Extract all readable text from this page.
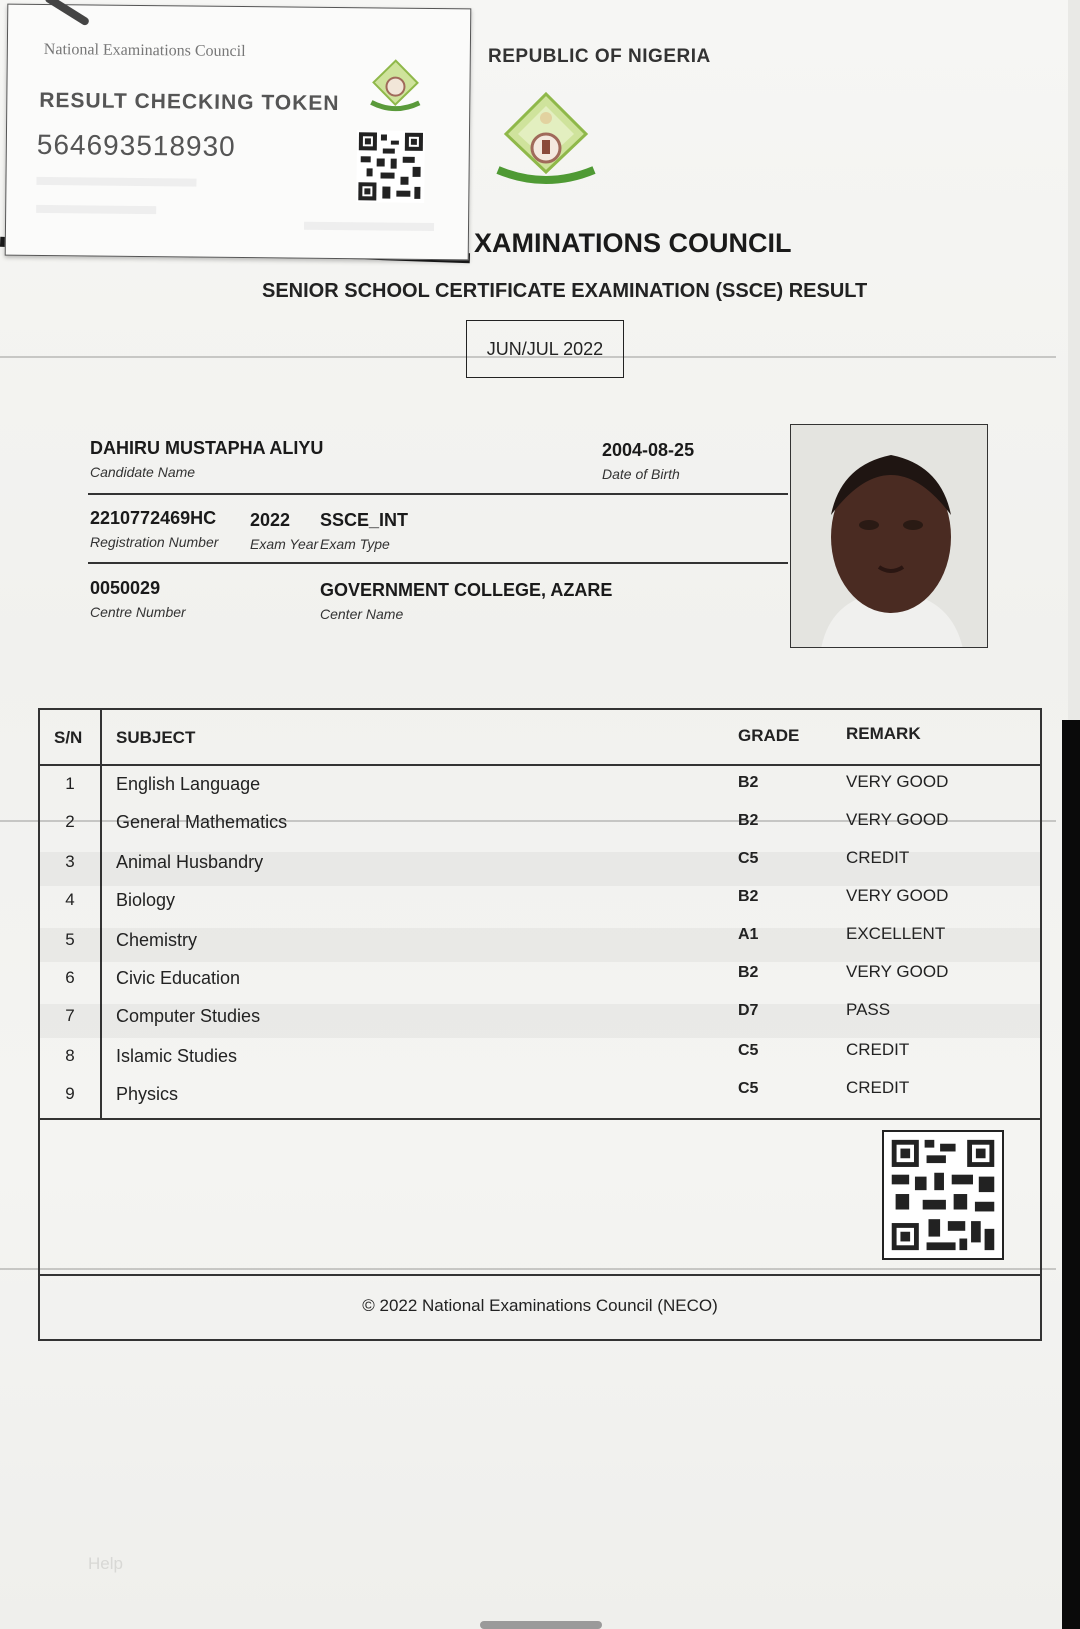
National Examinations Council
RESULT CHECKING TOKEN
564693518930
REPUBLIC OF NIGERIA
XAMINATIONS COUNCIL
SENIOR SCHOOL CERTIFICATE EXAMINATION (SSCE) RESULT
JUN/JUL 2022
DAHIRU MUSTAPHA ALIYU
Candidate Name
2004-08-25
Date of Birth
2210772469HC
Registration Number
2022
Exam Year
SSCE_INT
Exam Type
0050029
Centre Number
GOVERNMENT COLLEGE, AZARE
Center Name
S/N SUBJECT	GRADE	REMARK
1	English Language	B2	VERY GOOD
2	General Mathematics	B2	VERY GOOD
3	Animal Husbandry	C5	CREDIT
4	Biology	B2	VERY GOOD
5	Chemistry	A1	EXCELLENT
6	Civic Education	B2	VERY GOOD
7	Computer Studies	D7	PASS
8	Islamic Studies	C5	CREDIT
9	Physics	C5	CREDIT
© 2022 National Examinations Council (NECO)
Help
